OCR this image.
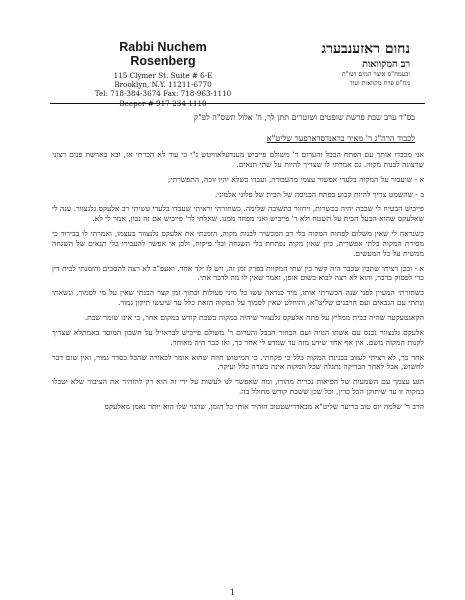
Rabbi Nuchem Rosenberg
115 Clymer St. Suite # 6-E
Brooklyn, N.Y. 11211-6770
Tel: 718-384-3674 Fax: 718-963-1110
Beeper # 917-234-1110
נחום ראזענבערג
רב המקוואות
ובעמח"ס אוצר המים ושו"ת
מח"ס פרח מקוואות ועוד
בס"ד ערב שבת פרשת שופטים ושוטרים תתן לך, ה' אלול תשס"ה לפ"ק
לכבוד הרה"ג ר' מאיר בראנדסדארפער שליט"א

אני מכבדו אותך עם הפתח הבבל והערום ר' משולם פייביש מענדעלאוויטש נ"י כי עוד לא הכרתי אז, ובא בארשת פנים רצוני שרצונה לבנות מקוה. גם אמרתי לו שצריך להיות על שתי תנאים.

א - שיעבור על המקוה בלעדי אפשור עצמי מהעבודה, ועבדו כשלא יהיו זוכה, התפשרתי;

ב - שהשמט צריך להיות קבוע בפתח הכניסה של הבית של פלוני אלמוני.

פייביש הבטיח לי שכבה יהיה בכשרות, ויחזור בתשובה שלימה. כשחזרתי וראיתי שעבדו בלעדי עשיתי רב אלעקס גלנצוור. ענה לי שאלעקס שהוא הבעל הבית על השטח ולא ר' פייביש ואני מפחד ממנו. שאלתי לר' פייביש אם זה נכון, אמר לי לא.

כשנראה לי שאין משלום לפתוח המקוה בלי רב המכשיר לבנות מקוה, הזמנתי את אלעקס גלנצוור בעצמו, ואמרתי לו בבירור כי מסירת המקוה בלתי אפשרית, כיון שאין מקוה נפתחת בלי השגחה ובלי פיקוח, ולכן אי אפשר להעבירו בלי תנאים של השגחה ממשית על כל המעשים.

א - ובכן רציתי שתבין שכבר היה קשר בין שתי המקוות בפרק זמן זה, ויש לו ילד אחד. ואעפ"כ לא רצה להסכים והזמנתי לבית דין כדי לפסוק בדבר, והוא לא רצה לבוא בשום אופן, ואמר שאין לו מה לדבר אתי.

כשחזרתי המעיין לפני שנה הכשרתי אותו, מיד כנראה עשו כל מיני פעולות ובתוך זמן קצר הבנתי שאין על מי לסמוך, ונשאתי ונתתי עם הגבאים ועם הרבנים שליט"א, והוחלט שאין לסמוך על המקוה הזאת כלל עד שיעשו תיקון גמור.

הקאנטעקער שהיה בבית ממליץ על פתח אלעקס גלנצוור שיהיה במקוה בשבת קודש במקום אחר, כי אינו שומר שבת.

אלעקס גלנצוור נכנס עם אשתו הגויה ועם הבחור הבבל והערום ר' משולם פייביש לבראזיל על חשבון המוסד באמתלא שצריך לקנות המקוה משם. אין אף אחד שידע מזה עד שנודע לי אחר כך, ואז כבר היה מאוחר.

אחר כך, לא רציתי לעזוב בבנינת המקוה כלל כי פקחתי. כי המיטוש חוזה שהוא אומר לכאורה שהכל בסדר גמור, ואין שום דבר לחשוש, אבל לאחר הבדיקה נתגלה שכל המקוה אינה כשרה כלל ועיקר.

הגע עצמך עם השמעות של הפיאות נכרית מהודו, ומה שאפשר לנו לעשות על ידי זה הוא רק להזהיר את הציבור שלא יטבלו במקוה זו עד שיתוקן הכל כדין, וכל שכן ששבת קודש מחולל בה.

הרב ר' שלמה יוס טוב בריער שליט"א מבאדרישטטוב הזהיר אותי כל הזמן, שהגוי שלו הוא יותר נאמן מאלעקס

1
